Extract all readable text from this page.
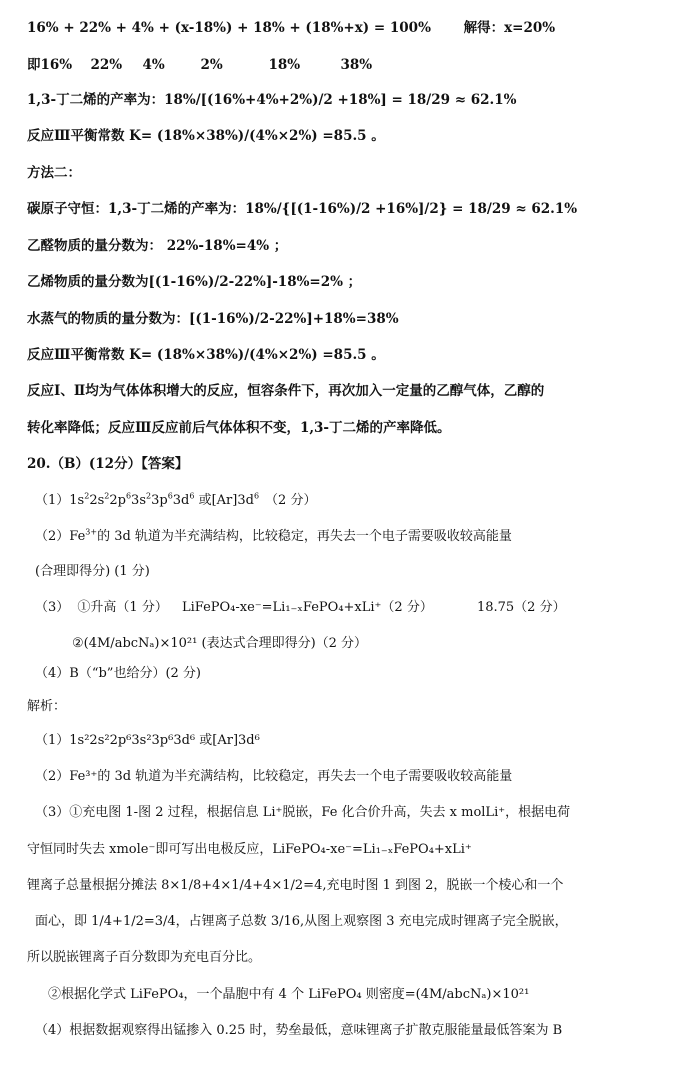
16% + 22% + 4% + (x-18%) + 18% + (18%+x) = 100% 解得：x=20%
即16% 22% 4%	2%	18%	38%
1,3-丁二烯的产率为：18%/[(16%+4%+2%)/2 +18%] = 18/29 ≈ 62.1%
反应Ⅲ平衡常数 K= (18%×38%)/(4%×2%) =85.5 。
方法二：
碳原子守恒：1,3-丁二烯的产率为：18%/{[(1-16%)/2 +16%]/2} = 18/29 ≈ 62.1%
乙醛物质的量分数为： 22%-18%=4% ；
乙烯物质的量分数为[(1-16%)/2-22%]-18%=2% ；
水蒸气的物质的量分数为：[(1-16%)/2-22%]+18%=38%
反应Ⅲ平衡常数 K= (18%×38%)/(4%×2%) =85.5 。
反应Ⅰ、Ⅱ均为气体体积增大的反应，恒容条件下，再次加入一定量的乙醇气体，乙醇的
转化率降低；反应Ⅲ反应前后气体体积不变，1,3-丁二烯的产率降低。
20.（B）(12分）【答案】
$(1)1s^22s^22p^63s^23p^63d^6$ 或$[Ar]3d^6$ （2 分）
$(2)Fe^{3+}$的 3d 轨道为半充满结构，比较稳定，再失去一个电子需要吸收较高能量
(合理即得分) (1 分)
（3） ①升高（1 分） LiFePO₄-xe⁻=Li₁₋ₓFePO₄+xLi⁺（2 分）	18.75（2 分）
②(4M/abcNₐ)×10²¹ (表达式合理即得分)（2 分）
（4）B（“b”也给分）(2 分)
解析：
（1）1s²2s²2p⁶3s²3p⁶3d⁶ 或[Ar]3d⁶
（2）Fe³⁺的 3d 轨道为半充满结构，比较稳定，再失去一个电子需要吸收较高能量
（3）①充电图 1-图 2 过程，根据信息 Li⁺脱嵌，Fe 化合价升高，失去 x molLi⁺，根据电荷
守恒同时失去 xmole⁻即可写出电极反应，LiFePO₄-xe⁻=Li₁₋ₓFePO₄+xLi⁺
锂离子总量根据分摊法 8×1/8+4×1/4+4×1/2=4,充电时图 1 到图 2，脱嵌一个棱心和一个
面心，即 1/4+1/2=3/4，占锂离子总数 3/16,从图上观察图 3 充电完成时锂离子完全脱嵌，
所以脱嵌锂离子百分数即为充电百分比。
②根据化学式 LiFePO₄，一个晶胞中有 4 个 LiFePO₄ 则密度=(4M/abcNₐ)×10²¹
（4）根据数据观察得出锰掺入 0.25 时，势垒最低，意味锂离子扩散克服能量最低答案为 B
